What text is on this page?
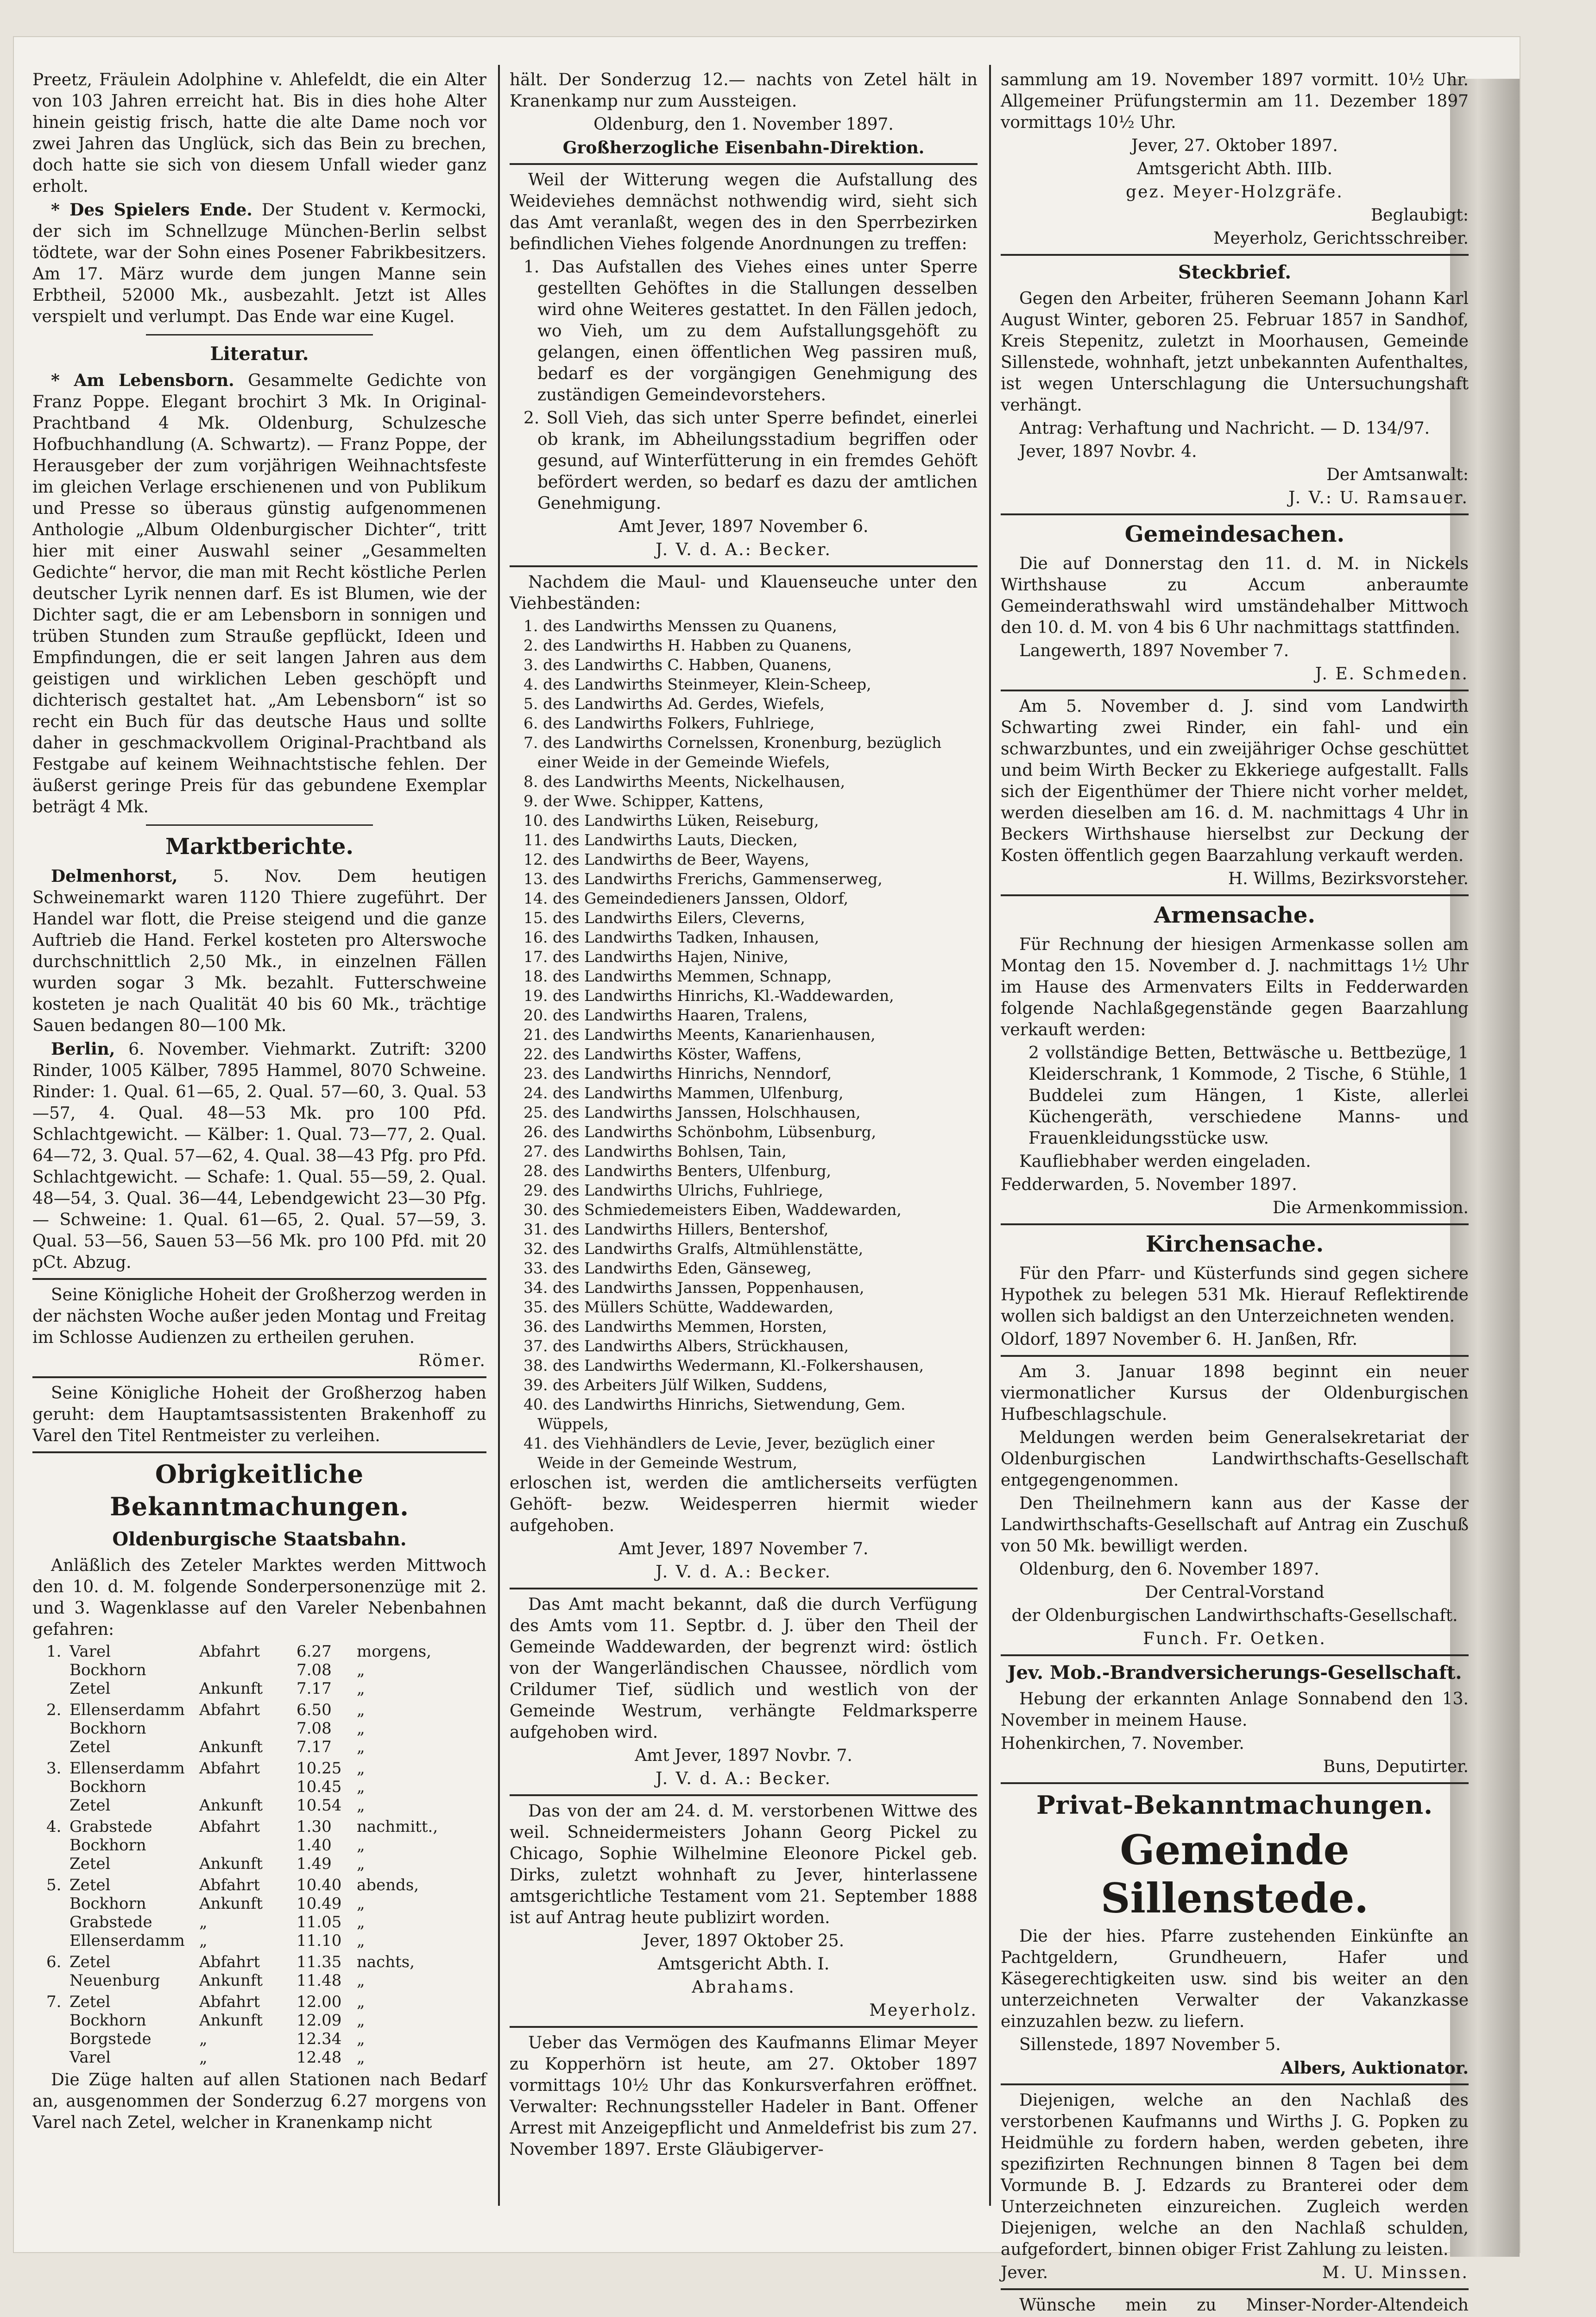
Preetz, Fräulein Adolphine v. Ahlefeldt, die ein Alter von 103 Jahren erreicht hat. Bis in dies hohe Alter hinein geistig frisch, hatte die alte Dame noch vor zwei Jahren das Unglück, sich das Bein zu brechen, doch hatte sie sich von diesem Unfall wieder ganz erholt.

* Des Spielers Ende. Der Student v. Kermocki, der sich im Schnellzuge München-Berlin selbst tödtete, war der Sohn eines Posener Fabrikbesitzers. Am 17. März wurde dem jungen Manne sein Erbtheil, 52000 Mk., ausbezahlt. Jetzt ist Alles verspielt und verlumpt. Das Ende war eine Kugel.

Literatur.

* Am Lebensborn. Gesammelte Gedichte von Franz Poppe. Elegant brochirt 3 Mk. In Original-Prachtband 4 Mk. Oldenburg, Schulzesche Hofbuchhandlung (A. Schwartz). — Franz Poppe, der Herausgeber der zum vorjährigen Weihnachtsfeste im gleichen Verlage erschienenen und von Publikum und Presse so überaus günstig aufgenommenen Anthologie „Album Oldenburgischer Dichter“, tritt hier mit einer Auswahl seiner „Gesammelten Gedichte“ hervor, die man mit Recht köstliche Perlen deutscher Lyrik nennen darf. Es ist Blumen, wie der Dichter sagt, die er am Lebensborn in sonnigen und trüben Stunden zum Strauße gepflückt, Ideen und Empfindungen, die er seit langen Jahren aus dem geistigen und wirklichen Leben geschöpft und dichterisch gestaltet hat. „Am Lebensborn“ ist so recht ein Buch für das deutsche Haus und sollte daher in geschmackvollem Original-Prachtband als Festgabe auf keinem Weihnachtstische fehlen. Der äußerst geringe Preis für das gebundene Exemplar beträgt 4 Mk.

Marktberichte.

Delmenhorst, 5. Nov. Dem heutigen Schweinemarkt waren 1120 Thiere zugeführt. Der Handel war flott, die Preise steigend und die ganze Auftrieb die Hand. Ferkel kosteten pro Alterswoche durchschnittlich 2,50 Mk., in einzelnen Fällen wurden sogar 3 Mk. bezahlt. Futterschweine kosteten je nach Qualität 40 bis 60 Mk., trächtige Sauen bedangen 80—100 Mk.

Berlin, 6. November. Viehmarkt. Zutrift: 3200 Rinder, 1005 Kälber, 7895 Hammel, 8070 Schweine. Rinder: 1. Qual. 61—65, 2. Qual. 57—60, 3. Qual. 53—57, 4. Qual. 48—53 Mk. pro 100 Pfd. Schlachtgewicht. — Kälber: 1. Qual. 73—77, 2. Qual. 64—72, 3. Qual. 57—62, 4. Qual. 38—43 Pfg. pro Pfd. Schlachtgewicht. — Schafe: 1. Qual. 55—59, 2. Qual. 48—54, 3. Qual. 36—44, Lebendgewicht 23—30 Pfg. — Schweine: 1. Qual. 61—65, 2. Qual. 57—59, 3. Qual. 53—56, Sauen 53—56 Mk. pro 100 Pfd. mit 20 pCt. Abzug.

Seine Königliche Hoheit der Großherzog werden in der nächsten Woche außer jeden Montag und Freitag im Schlosse Audienzen zu ertheilen geruhen.

Römer.

Seine Königliche Hoheit der Großherzog haben geruht: dem Hauptamtsassistenten Brakenhoff zu Varel den Titel Rentmeister zu verleihen.

Obrigkeitliche Bekanntmachungen.
Oldenburgische Staatsbahn.

Anläßlich des Zeteler Marktes werden Mittwoch den 10. d. M. folgende Sonderpersonenzüge mit 2. und 3. Wagenklasse auf den Vareler Nebenbahnen gefahren:

1.	Varel	Abfahrt	6.27	morgens,
	Bockhorn		7.08	„
	Zetel	Ankunft	7.17	„
2.	Ellenserdamm	Abfahrt	6.50	„
	Bockhorn		7.08	„
	Zetel	Ankunft	7.17	„
3.	Ellenserdamm	Abfahrt	10.25	„
	Bockhorn		10.45	„
	Zetel	Ankunft	10.54	„
4.	Grabstede	Abfahrt	1.30	nachmitt.,
	Bockhorn		1.40	„
	Zetel	Ankunft	1.49	„
5.	Zetel	Abfahrt	10.40	abends,
	Bockhorn	Ankunft	10.49	„
	Grabstede	„	11.05	„
	Ellenserdamm	„	11.10	„
6.	Zetel	Abfahrt	11.35	nachts,
	Neuenburg	Ankunft	11.48	„
7.	Zetel	Abfahrt	12.00	„
	Bockhorn	Ankunft	12.09	„
	Borgstede	„	12.34	„
	Varel	„	12.48	„

Die Züge halten auf allen Stationen nach Bedarf an, ausgenommen der Sonderzug 6.27 morgens von Varel nach Zetel, welcher in Kranenkamp nicht

hält. Der Sonderzug 12.— nachts von Zetel hält in Kranenkamp nur zum Aussteigen.

Oldenburg, den 1. November 1897.

Großherzogliche Eisenbahn-Direktion.

Weil der Witterung wegen die Aufstallung des Weideviehes demnächst nothwendig wird, sieht sich das Amt veranlaßt, wegen des in den Sperrbezirken befindlichen Viehes folgende Anordnungen zu treffen:

1. Das Aufstallen des Viehes eines unter Sperre gestellten Gehöftes in die Stallungen desselben wird ohne Weiteres gestattet. In den Fällen jedoch, wo Vieh, um zu dem Aufstallungsgehöft zu gelangen, einen öffentlichen Weg passiren muß, bedarf es der vorgängigen Genehmigung des zuständigen Gemeindevorstehers.
2. Soll Vieh, das sich unter Sperre befindet, einerlei ob krank, im Abheilungsstadium begriffen oder gesund, auf Winterfütterung in ein fremdes Gehöft befördert werden, so bedarf es dazu der amtlichen Genehmigung.

Amt Jever, 1897 November 6.

J. V. d. A.: Becker.

Nachdem die Maul- und Klauenseuche unter den Viehbeständen:

1. des Landwirths Menssen zu Quanens,
2. des Landwirths H. Habben zu Quanens,
3. des Landwirths C. Habben, Quanens,
4. des Landwirths Steinmeyer, Klein-Scheep,
5. des Landwirths Ad. Gerdes, Wiefels,
6. des Landwirths Folkers, Fuhlriege,
7. des Landwirths Cornelssen, Kronenburg, bezüglich einer Weide in der Gemeinde Wiefels,
8. des Landwirths Meents, Nickelhausen,
9. der Wwe. Schipper, Kattens,
10. des Landwirths Lüken, Reiseburg,
11. des Landwirths Lauts, Diecken,
12. des Landwirths de Beer, Wayens,
13. des Landwirths Frerichs, Gammenserweg,
14. des Gemeindedieners Janssen, Oldorf,
15. des Landwirths Eilers, Cleverns,
16. des Landwirths Tadken, Inhausen,
17. des Landwirths Hajen, Ninive,
18. des Landwirths Memmen, Schnapp,
19. des Landwirths Hinrichs, Kl.-Waddewarden,
20. des Landwirths Haaren, Tralens,
21. des Landwirths Meents, Kanarienhausen,
22. des Landwirths Köster, Waffens,
23. des Landwirths Hinrichs, Nenndorf,
24. des Landwirths Mammen, Ulfenburg,
25. des Landwirths Janssen, Holschhausen,
26. des Landwirths Schönbohm, Lübsenburg,
27. des Landwirths Bohlsen, Tain,
28. des Landwirths Benters, Ulfenburg,
29. des Landwirths Ulrichs, Fuhlriege,
30. des Schmiedemeisters Eiben, Waddewarden,
31. des Landwirths Hillers, Bentershof,
32. des Landwirths Gralfs, Altmühlenstätte,
33. des Landwirths Eden, Gänseweg,
34. des Landwirths Janssen, Poppenhausen,
35. des Müllers Schütte, Waddewarden,
36. des Landwirths Memmen, Horsten,
37. des Landwirths Albers, Strückhausen,
38. des Landwirths Wedermann, Kl.-Folkershausen,
39. des Arbeiters Jülf Wilken, Suddens,
40. des Landwirths Hinrichs, Sietwendung, Gem. Wüppels,
41. des Viehhändlers de Levie, Jever, bezüglich einer Weide in der Gemeinde Westrum,

erloschen ist, werden die amtlicherseits verfügten Gehöft- bezw. Weidesperren hiermit wieder aufgehoben.

Amt Jever, 1897 November 7.

J. V. d. A.: Becker.

Das Amt macht bekannt, daß die durch Verfügung des Amts vom 11. Septbr. d. J. über den Theil der Gemeinde Waddewarden, der begrenzt wird: östlich von der Wangerländischen Chaussee, nördlich vom Crildumer Tief, südlich und westlich von der Gemeinde Westrum, verhängte Feldmarksperre aufgehoben wird.

Amt Jever, 1897 Novbr. 7.

J. V. d. A.: Becker.

Das von der am 24. d. M. verstorbenen Wittwe des weil. Schneidermeisters Johann Georg Pickel zu Chicago, Sophie Wilhelmine Eleonore Pickel geb. Dirks, zuletzt wohnhaft zu Jever, hinterlassene amtsgerichtliche Testament vom 21. September 1888 ist auf Antrag heute publizirt worden.

Jever, 1897 Oktober 25.

Amtsgericht Abth. I.

Abrahams.

Meyerholz.

Ueber das Vermögen des Kaufmanns Elimar Meyer zu Kopperhörn ist heute, am 27. Oktober 1897 vormittags 10½ Uhr das Konkursverfahren eröffnet. Verwalter: Rechnungssteller Hadeler in Bant. Offener Arrest mit Anzeigepflicht und Anmeldefrist bis zum 27. November 1897. Erste Gläubigerver-

sammlung am 19. November 1897 vormitt. 10½ Uhr. Allgemeiner Prüfungstermin am 11. Dezember 1897 vormittags 10½ Uhr.

Jever, 27. Oktober 1897.

Amtsgericht Abth. IIIb.

gez. Meyer-Holzgräfe.

Beglaubigt:

Meyerholz, Gerichtsschreiber.

Steckbrief.

Gegen den Arbeiter, früheren Seemann Johann Karl August Winter, geboren 25. Februar 1857 in Sandhof, Kreis Stepenitz, zuletzt in Moorhausen, Gemeinde Sillenstede, wohnhaft, jetzt unbekannten Aufenthaltes, ist wegen Unterschlagung die Untersuchungshaft verhängt.

Antrag: Verhaftung und Nachricht. — D. 134/97.

Jever, 1897 Novbr. 4.

Der Amtsanwalt:

J. V.: U. Ramsauer.

Gemeindesachen.

Die auf Donnerstag den 11. d. M. in Nickels Wirthshause zu Accum anberaumte Gemeinderathswahl wird umständehalber Mittwoch den 10. d. M. von 4 bis 6 Uhr nachmittags stattfinden.

Langewerth, 1897 November 7.

J. E. Schmeden.

Am 5. November d. J. sind vom Landwirth Schwarting zwei Rinder, ein fahl- und ein schwarzbuntes, und ein zweijähriger Ochse geschüttet und beim Wirth Becker zu Ekkeriege aufgestallt. Falls sich der Eigenthümer der Thiere nicht vorher meldet, werden dieselben am 16. d. M. nachmittags 4 Uhr in Beckers Wirthshause hierselbst zur Deckung der Kosten öffentlich gegen Baarzahlung verkauft werden.

H. Willms, Bezirksvorsteher.

Armensache.

Für Rechnung der hiesigen Armenkasse sollen am Montag den 15. November d. J. nachmittags 1½ Uhr im Hause des Armenvaters Eilts in Fedderwarden folgende Nachlaßgegenstände gegen Baarzahlung verkauft werden:

2 vollständige Betten, Bettwäsche u. Bettbezüge, 1 Kleiderschrank, 1 Kommode, 2 Tische, 6 Stühle, 1 Buddelei zum Hängen, 1 Kiste, allerlei Küchengeräth, verschiedene Manns- und Frauenkleidungsstücke usw.

Kaufliebhaber werden eingeladen.

Fedderwarden, 5. November 1897.

Die Armenkommission.

Kirchensache.

Für den Pfarr- und Küsterfunds sind gegen sichere Hypothek zu belegen 531 Mk. Hierauf Reflektirende wollen sich baldigst an den Unterzeichneten wenden.

Oldorf, 1897 November 6. H. Janßen, Rfr.

Am 3. Januar 1898 beginnt ein neuer viermonatlicher Kursus der Oldenburgischen Hufbeschlagschule.

Meldungen werden beim Generalsekretariat der Oldenburgischen Landwirthschafts-Gesellschaft entgegengenommen.

Den Theilnehmern kann aus der Kasse der Landwirthschafts-Gesellschaft auf Antrag ein Zuschuß von 50 Mk. bewilligt werden.

Oldenburg, den 6. November 1897.

Der Central-Vorstand

der Oldenburgischen Landwirthschafts-Gesellschaft.

Funch. Fr. Oetken.

Jev. Mob.-Brandversicherungs-Gesellschaft.

Hebung der erkannten Anlage Sonnabend den 13. November in meinem Hause.

Hohenkirchen, 7. November.

Buns, Deputirter.

Privat-Bekanntmachungen.
Gemeinde Sillenstede.

Die der hies. Pfarre zustehenden Einkünfte an Pachtgeldern, Grundheuern, Hafer und Käsegerechtigkeiten usw. sind bis weiter an den unterzeichneten Verwalter der Vakanzkasse einzuzahlen bezw. zu liefern.

Sillenstede, 1897 November 5.

Albers, Auktionator.

Diejenigen, welche an den Nachlaß des verstorbenen Kaufmanns und Wirths J. G. Popken zu Heidmühle zu fordern haben, werden gebeten, ihre spezifizirten Rechnungen binnen 8 Tagen bei dem Vormunde B. J. Edzards zu Branterei oder dem Unterzeichneten einzureichen. Zugleich werden Diejenigen, welche an den Nachlaß schulden, aufgefordert, binnen obiger Frist Zahlung zu leisten.

Jever.	M. U. Minssen.

Wünsche mein zu Minser-Norder-Altendeich
